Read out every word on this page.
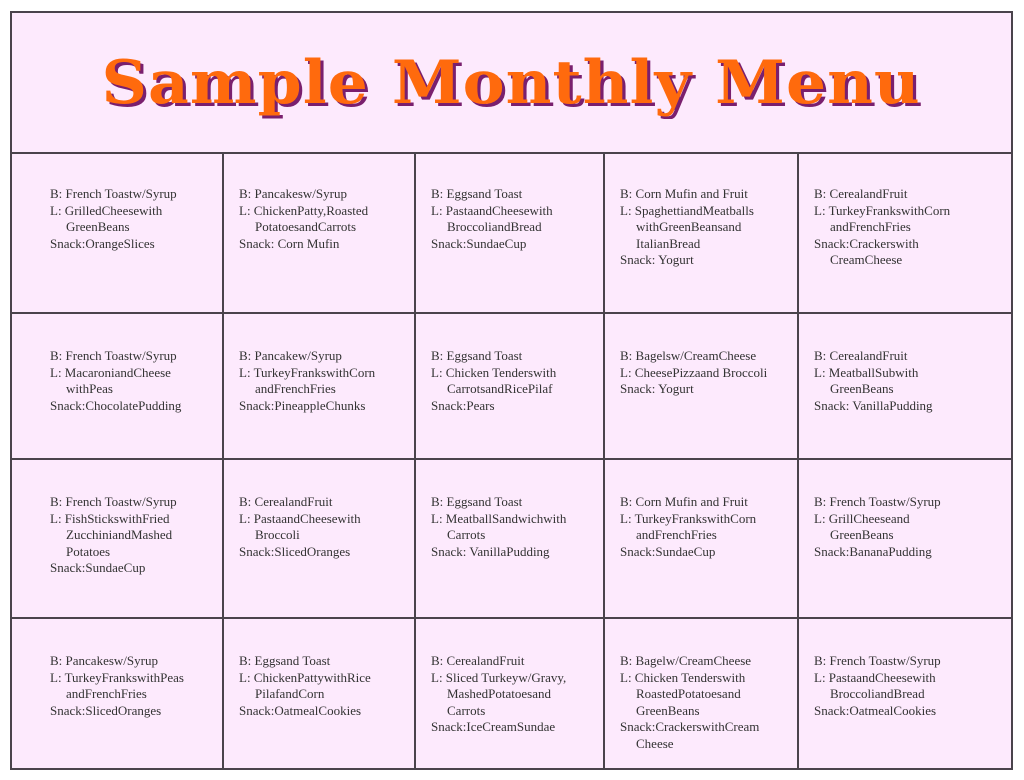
Sample Monthly Menu
B: French Toastw/Syrup
L: GrilledCheesewith
GreenBeans
Snack:OrangeSlices
B: Pancakesw/Syrup
L: ChickenPatty,Roasted
PotatoesandCarrots
Snack: Corn Mufin
B: Eggsand Toast
L: PastaandCheesewith
BroccoliandBread
Snack:SundaeCup
B: Corn Mufin and Fruit
L: SpaghettiandMeatballs
withGreenBeansand
ItalianBread
Snack: Yogurt
B: CerealandFruit
L: TurkeyFrankswithCorn
andFrenchFries
Snack:Crackerswith
CreamCheese
B: French Toastw/Syrup
L: MacaroniandCheese
withPeas
Snack:ChocolatePudding
B: Pancakew/Syrup
L: TurkeyFrankswithCorn
andFrenchFries
Snack:PineappleChunks
B: Eggsand Toast
L: Chicken Tenderswith
CarrotsandRicePilaf
Snack:Pears
B: Bagelsw/CreamCheese
L: CheesePizzaand Broccoli
Snack: Yogurt
B: CerealandFruit
L: MeatballSubwith
GreenBeans
Snack: VanillaPudding
B: French Toastw/Syrup
L: FishStickswithFried
ZucchiniandMashed
Potatoes
Snack:SundaeCup
B: CerealandFruit
L: PastaandCheesewith
Broccoli
Snack:SlicedOranges
B: Eggsand Toast
L: MeatballSandwichwith
Carrots
Snack: VanillaPudding
B: Corn Mufin and Fruit
L: TurkeyFrankswithCorn
andFrenchFries
Snack:SundaeCup
B: French Toastw/Syrup
L: GrillCheeseand
GreenBeans
Snack:BananaPudding
B: Pancakesw/Syrup
L: TurkeyFrankswithPeas
andFrenchFries
Snack:SlicedOranges
B: Eggsand Toast
L: ChickenPattywithRice
PilafandCorn
Snack:OatmealCookies
B: CerealandFruit
L: Sliced Turkeyw/Gravy,
MashedPotatoesand
Carrots
Snack:IceCreamSundae
B: Bagelw/CreamCheese
L: Chicken Tenderswith
RoastedPotatoesand
GreenBeans
Snack:CrackerswithCream
Cheese
B: French Toastw/Syrup
L: PastaandCheesewith
BroccoliandBread
Snack:OatmealCookies
